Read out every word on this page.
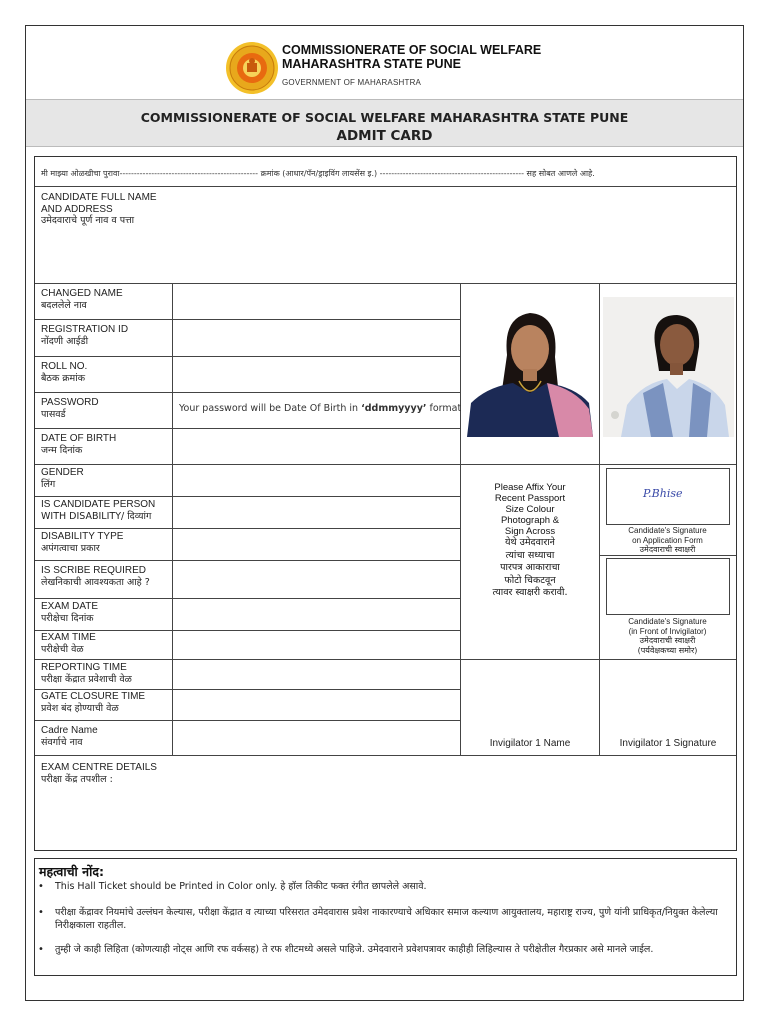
COMMISSIONERATE OF SOCIAL WELFARE
MAHARASHTRA STATE PUNE
GOVERNMENT OF MAHARASHTRA
COMMISSIONERATE OF SOCIAL WELFARE MAHARASHTRA STATE PUNE
ADMIT CARD
मी माझ्या ओळखीचा पुरावा------------------------------------------------ क्रमांक (आधार/पॅन/ड्राइविंग लायसेंस इ.) -------------------------------------------------- सह सोबत आणले आहे.
CANDIDATE FULL NAME
AND ADDRESS
उमेदवाराचे पूर्ण नाव व पत्ता
CHANGED NAME
बदललेले नाव
REGISTRATION ID
नोंदणी आईडी
ROLL NO.
बैठक क्रमांक
PASSWORD
पासवर्ड
DATE OF BIRTH
जन्म दिनांक
GENDER
लिंग
IS CANDIDATE PERSON
WITH DISABILITY/ दिव्यांग
DISABILITY TYPE
अपंगत्वाचा प्रकार
IS SCRIBE REQUIRED
लेखनिकाची आवश्यकता आहे ?
EXAM DATE
परीक्षेचा दिनांक
EXAM TIME
परीक्षेची वेळ
REPORTING TIME
परीक्षा केंद्रात प्रवेशाची वेळ
GATE CLOSURE TIME
प्रवेश बंद होण्याची वेळ
Cadre Name
संवर्गाचे नाव
Your password will be Date Of Birth in ‘ddmmyyyy’ format
Please Affix Your
Recent Passport
Size Colour
Photograph &
Sign Across
येथे उमेदवाराने
त्यांचा सध्याचा
पारपत्र आकाराचा
फोटो चिकटवून
त्यावर स्वाक्षरी करावी.
P.Bhise
Candidate's Signature
on Application Form
उमेदवाराची स्वाक्षरी
Candidate's Signature
(in Front of Invigilator)
उमेदवाराची स्वाक्षरी
(पर्यवेक्षकच्या समोर)
Invigilator 1 Name	Invigilator 1 Signature
EXAM CENTRE DETAILS
परीक्षा केंद्र तपशील :
महत्वाची नोंद:
• This Hall Ticket should be Printed in Color only. हे हॉल तिकीट फक्त रंगीत छापलेले असावे.
• परीक्षा केंद्रावर नियमांचे उल्लंघन केल्यास, परीक्षा केंद्रात व त्याच्या परिसरात उमेदवारास प्रवेश नाकारण्याचे अधिकार समाज कल्याण आयुक्तालय, महाराष्ट्र राज्य, पुणे यांनी प्राधिकृत/नियुक्त केलेल्या निरीक्षकाला राहतील.
• तुम्ही जे काही लिहिता (कोणत्याही नोट्स आणि रफ वर्कसह) ते रफ शीटमध्ये असले पाहिजे. उमेदवाराने प्रवेशपत्रावर काहीही लिहिल्यास ते परीक्षेतील गैरप्रकार असे मानले जाईल.
